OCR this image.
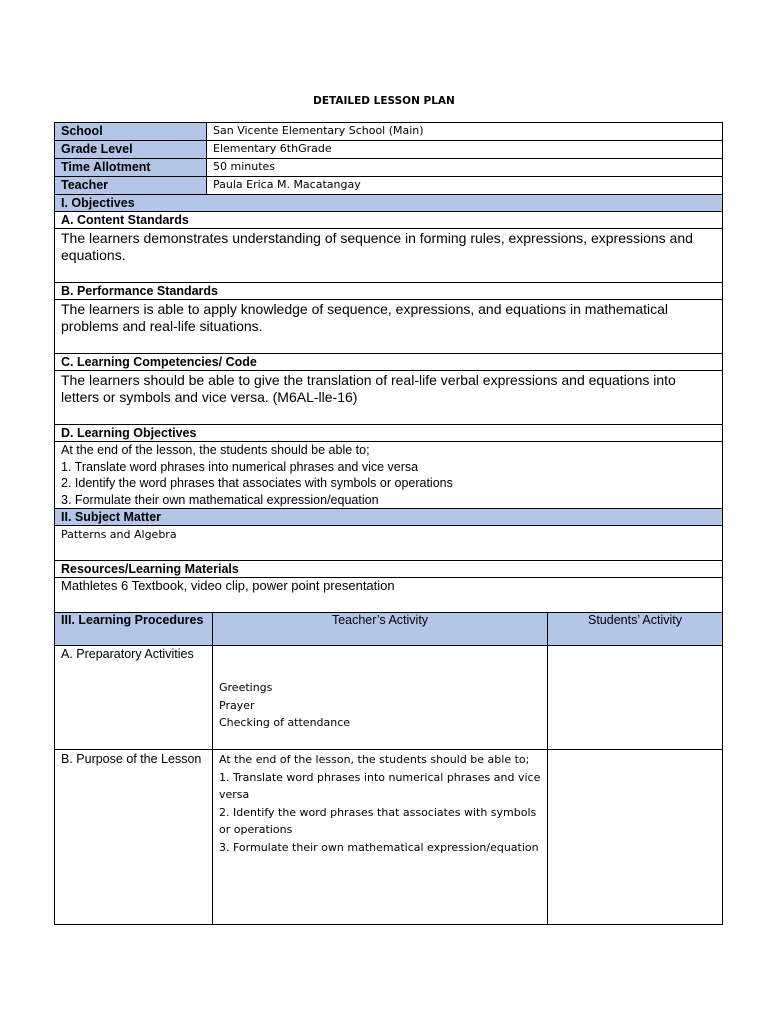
DETAILED LESSON PLAN
School	San Vicente Elementary School (Main)
Grade Level	Elementary 6thGrade
Time Allotment	50 minutes
Teacher	Paula Erica M. Macatangay
I. Objectives	
A. Content Standards	
The learners demonstrates understanding of sequence in forming rules, expressions, expressions and equations.	
B. Performance Standards	
The learners is able to apply knowledge of sequence, expressions, and equations in mathematical problems and real-life situations.	
C. Learning Competencies/ Code	
The learners should be able to give the translation of real-life verbal expressions and equations into letters or symbols and vice versa. (M6AL-lle-16)	
D. Learning Objectives	

At the end of the lesson, the students should be able to;
1. Translate word phrases into numerical phrases and vice versa
2. Identify the word phrases that associates with symbols or operations
3. Formulate their own mathematical expression/equation	

II. Subject Matter	
Patterns and Algebra	
Resources/Learning Materials	
Mathletes 6 Textbook, video clip, power point presentation	
III. Learning Procedures	Teacher’s Activity	Students’ Activity
A. Preparatory Activities	Greetings
Prayer
Checking of attendance	

B. Purpose of the Lesson	At the end of the lesson, the students should be able to;
1. Translate word phrases into numerical phrases and vice versa
2. Identify the word phrases that associates with symbols or operations
3. Formulate their own mathematical expression/equation	
